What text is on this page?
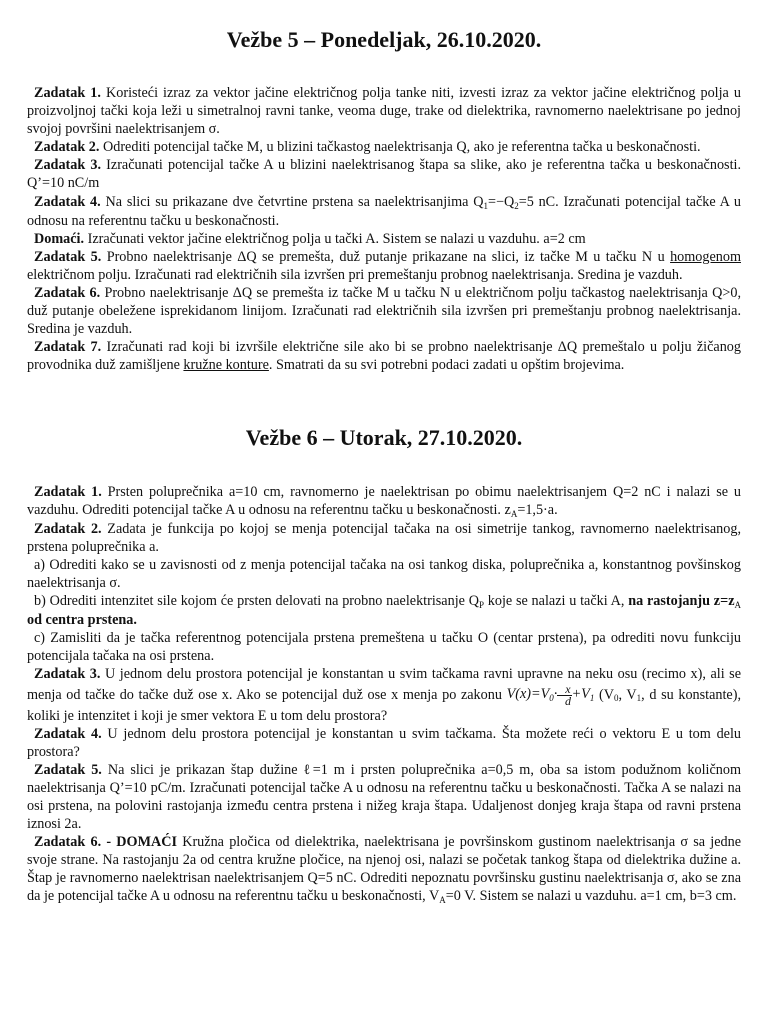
Vežbe 5 – Ponedeljak, 26.10.2020.

Zadatak 1. Koristeći izraz za vektor jačine električnog polja tanke niti, izvesti izraz za vektor jačine električnog polja u proizvoljnoj tački koja leži u simetralnoj ravni tanke, veoma duge, trake od dielektrika, ravnomerno naelektrisane po jednoj svojoj površini naelektrisanjem σ.

Zadatak 2. Odrediti potencijal tačke M, u blizini tačkastog naelektrisanja Q, ako je referentna tačka u beskonačnosti.

Zadatak 3. Izračunati potencijal tačke A u blizini naelektrisanog štapa sa slike, ako je referentna tačka u beskonačnosti. Q’=10 nC/m

Zadatak 4. Na slici su prikazane dve četvrtine prstena sa naelektrisanjima $Q_1=-Q_2=5$ nC. Izračunati potencijal tačke A u odnosu na referentnu tačku u beskonačnosti.

Domaći. Izračunati vektor jačine električnog polja u tački A. Sistem se nalazi u vazduhu. a=2 cm

Zadatak 5. Probno naelektrisanje ΔQ se premešta, duž putanje prikazane na slici, iz tačke M u tačku N u homogenom električnom polju. Izračunati rad električnih sila izvršen pri premeštanju probnog naelektrisanja. Sredina je vazduh.

Zadatak 6. Probno naelektrisanje ΔQ se premešta iz tačke M u tačku N u električnom polju tačkastog naelektrisanja Q>0, duž putanje obeležene isprekidanom linijom. Izračunati rad električnih sila izvršen pri premeštanju probnog naelektrisanja. Sredina je vazduh.

Zadatak 7. Izračunati rad koji bi izvršile električne sile ako bi se probno naelektrisanje ΔQ premeštalo u polju žičanog provodnika duž zamišljene kružne konture. Smatrati da su svi potrebni podaci zadati u opštim brojevima.

Vežbe 6 – Utorak, 27.10.2020.

Zadatak 1. Prsten poluprečnika a=10 cm, ravnomerno je naelektrisan po obimu naelektrisanjem Q=2 nC i nalazi se u vazduhu. Odrediti potencijal tačke A u odnosu na referentnu tačku u beskonačnosti. $z_A=1,5\cdot a$.

Zadatak 2. Zadata je funkcija po kojoj se menja potencijal tačaka na osi simetrije tankog, ravnomerno naelektrisanog, prstena poluprečnika a.

a) Odrediti kako se u zavisnosti od z menja potencijal tačaka na osi tankog diska, poluprečnika a, konstantnog povšinskog naelektrisanja σ.

b) Odrediti intenzitet sile kojom će prsten delovati na probno naelektrisanje $Q_P$ koje se nalazi u tački A, na rastojanju $z=z_A$ od centra prstena.

c) Zamisliti da je tačka referentnog potencijala prstena premeštena u tačku O (centar prstena), pa odrediti novu funkciju potencijala tačaka na osi prstena.

Zadatak 3. U jednom delu prostora potencijal je konstantan u svim tačkama ravni upravne na neku osu (recimo x), ali se menja od tačke do tačke duž ose x. Ako se potencijal duž ose x menja po zakonu $V(x)=V_0\cdot \frac{x}{d} +V_1$ ($V_0$, $V_1$, d su konstante), koliki je intenzitet i koji je smer vektora E u tom delu prostora?

Zadatak 4. U jednom delu prostora potencijal je konstantan u svim tačkama. Šta možete reći o vektoru E u tom delu prostora?

Zadatak 5. Na slici je prikazan štap dužine ℓ=1 m i prsten poluprečnika a=0,5 m, oba sa istom podužnom količnom naelektrisanja Q’=10 pC/m. Izračunati potencijal tačke A u odnosu na referentnu tačku u beskonačnosti. Tačka A se nalazi na osi prstena, na polovini rastojanja između centra prstena i nižeg kraja štapa. Udaljenost donjeg kraja štapa od ravni prstena iznosi 2a.

Zadatak 6. - DOMAĆI Kružna pločica od dielektrika, naelektrisana je površinskom gustinom naelektrisanja σ sa jedne svoje strane. Na rastojanju 2a od centra kružne pločice, na njenoj osi, nalazi se početak tankog štapa od dielektrika dužine a. Štap je ravnomerno naelektrisan naelektrisanjem Q=5 nC. Odrediti nepoznatu površinsku gustinu naelektrisanja σ, ako se zna da je potencijal tačke A u odnosu na referentnu tačku u beskonačnosti, $V_A=0$ V. Sistem se nalazi u vazduhu. a=1 cm, b=3 cm.
